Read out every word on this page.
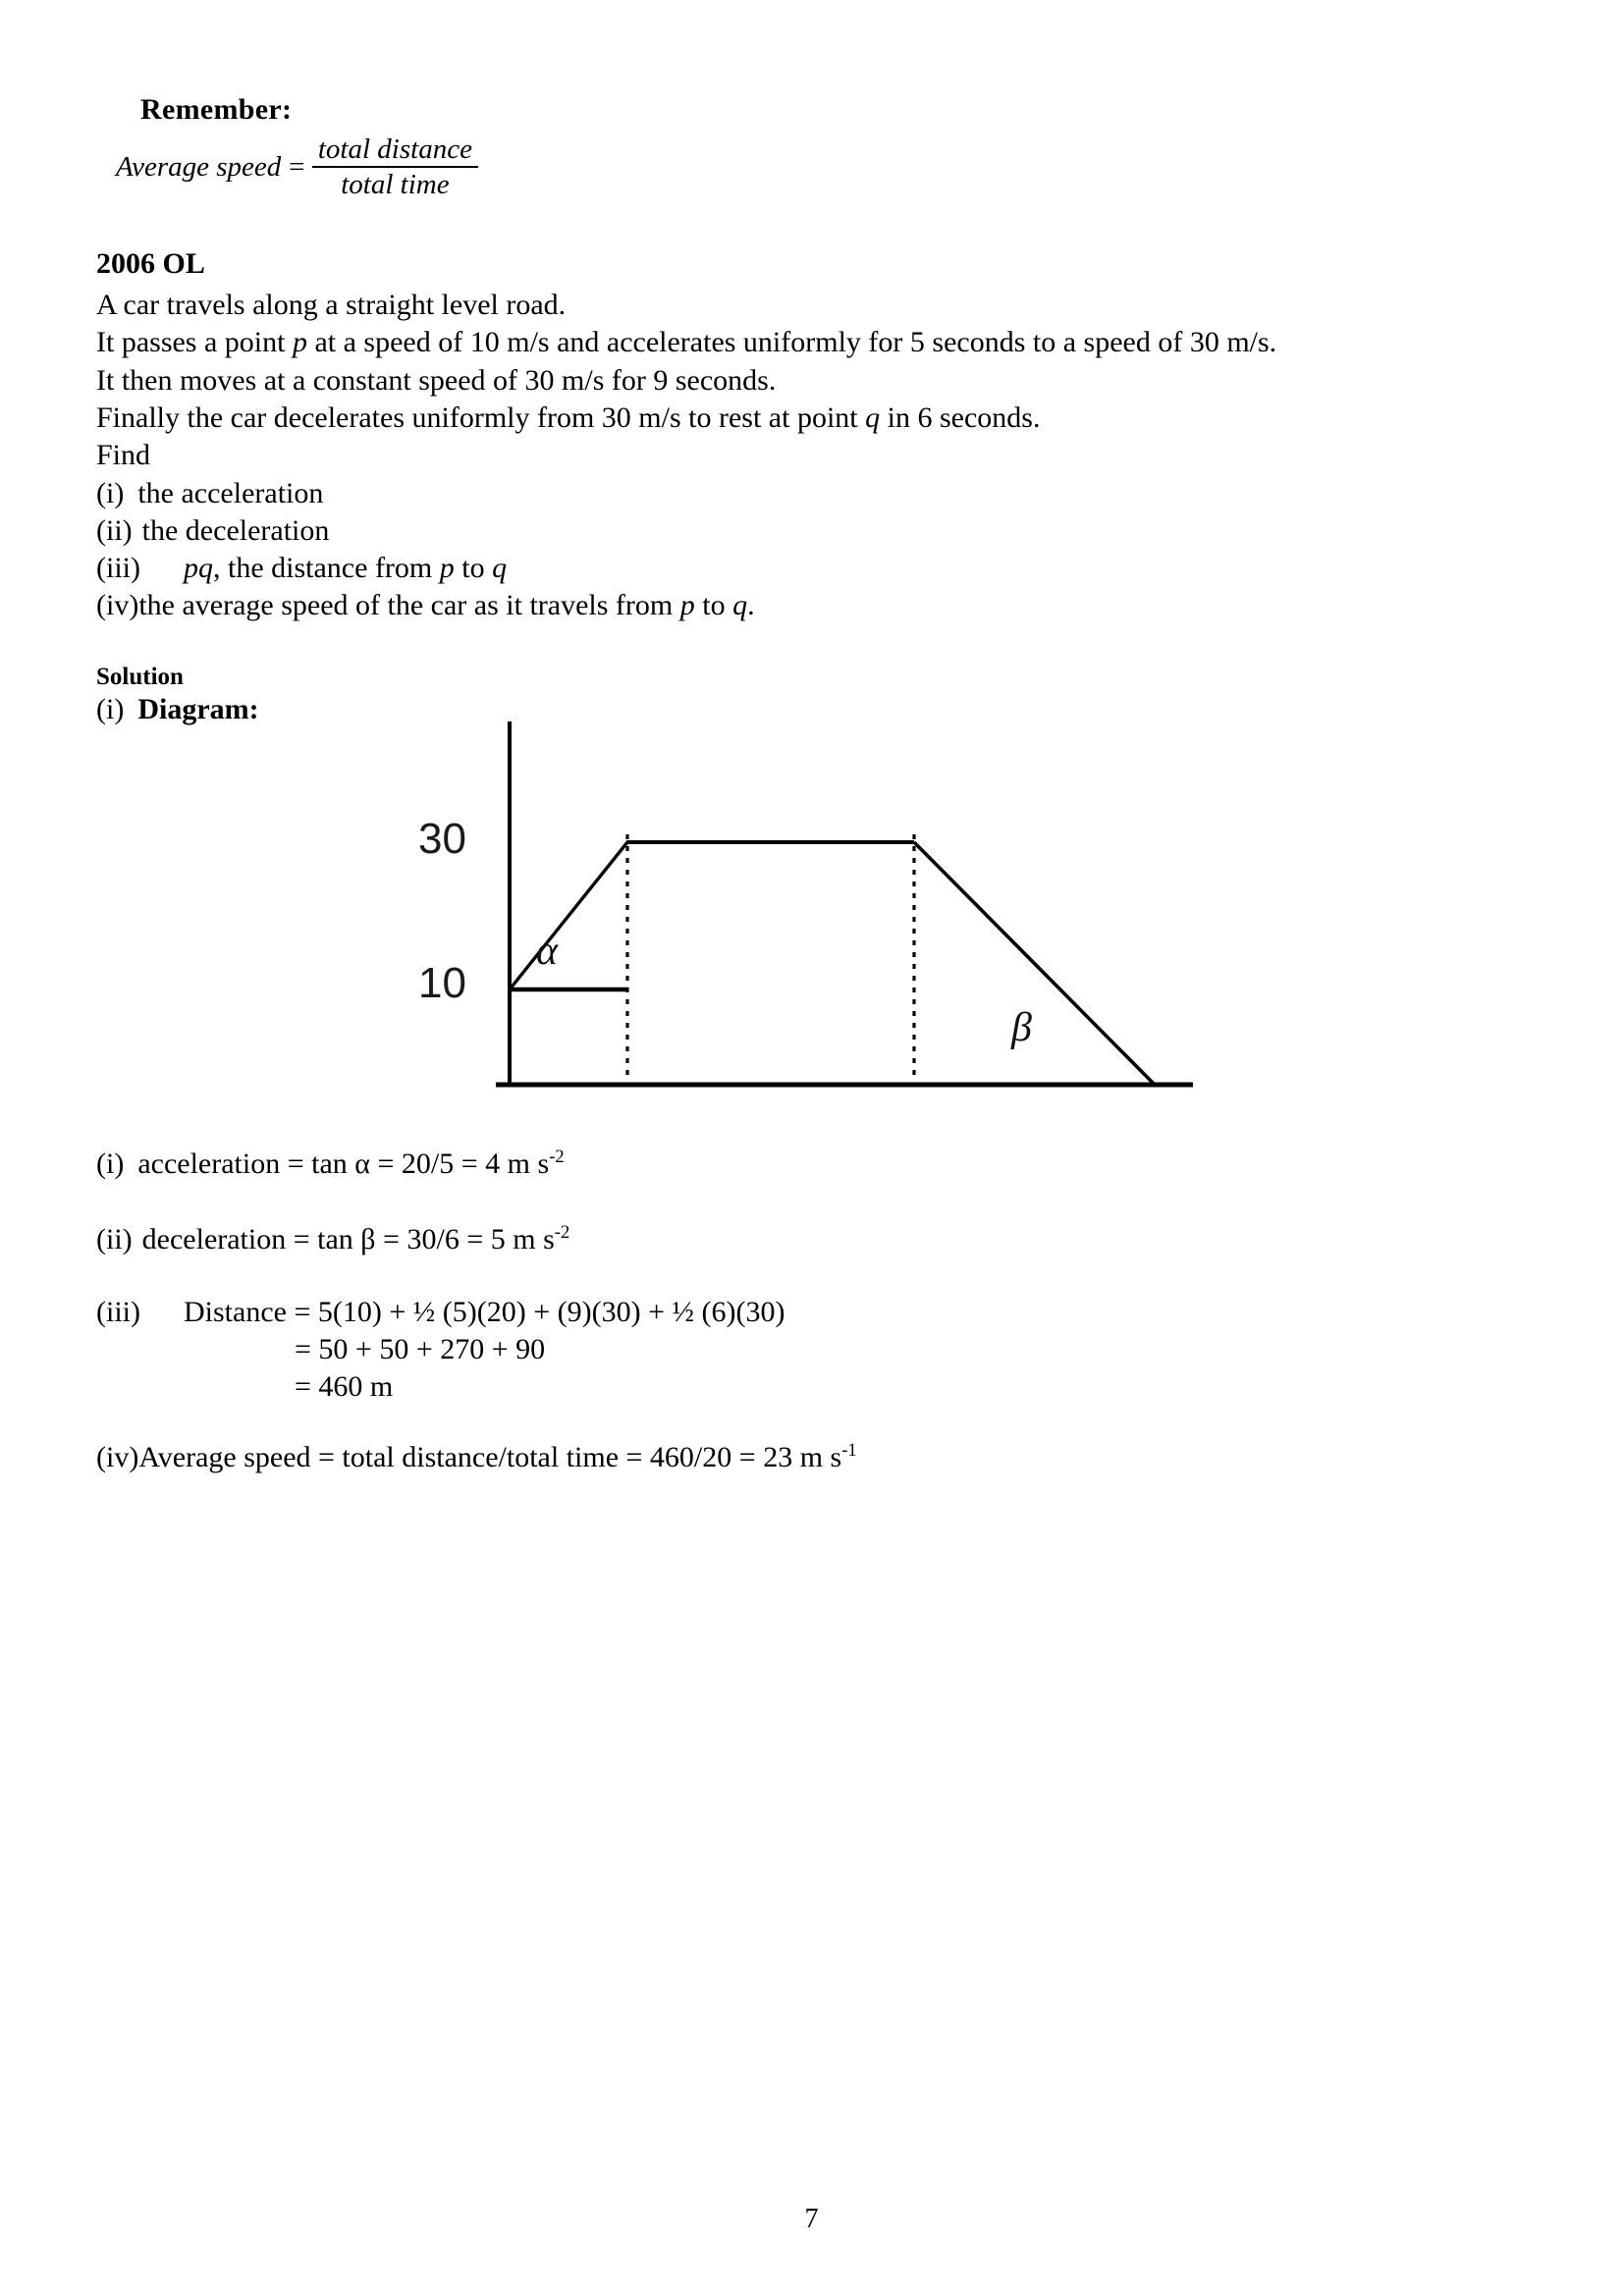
Remember:
Average speed = $\frac{\text{total distance}}{\text{total time}}$
2006 OL
A car travels along a straight level road.
It passes a point p at a speed of 10 m/s and accelerates uniformly for 5 seconds to a speed of 30 m/s.
It then moves at a constant speed of 30 m/s for 9 seconds.
Finally the car decelerates uniformly from 30 m/s to rest at point q in 6 seconds.
Find
(i) the acceleration
(ii) the deceleration
(iii) pq, the distance from p to q
(iv)the average speed of the car as it travels from p to q.
Solution
(i) Diagram:
30
10
α
β
(i) acceleration = tan α = 20/5 = 4 m $s^{-2}$
(ii) deceleration = tan β = 30/6 = 5 m $s^{-2}$
(iii) Distance = 5(10) + ½ (5)(20) + (9)(30) + ½ (6)(30)
= 50 + 50 + 270 + 90
= 460 m
(iv)Average speed = total distance/total time = 460/20 = 23 m $s^{-1}$
7
